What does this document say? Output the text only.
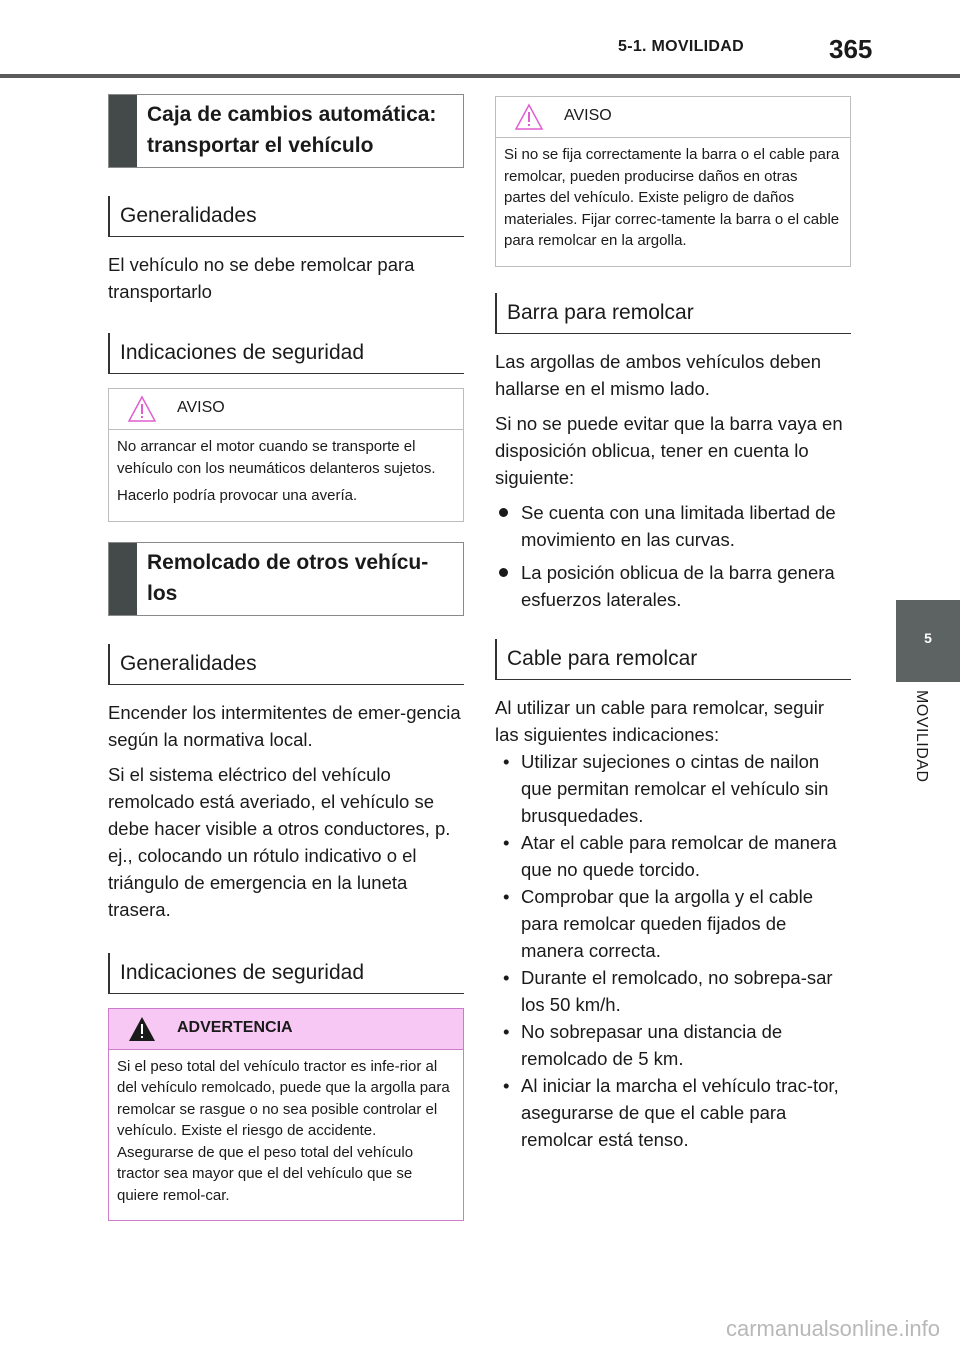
5-1. MOVILIDAD	365
5
MOVILIDAD
Caja de cambios automática: transportar el vehículo
Generalidades

El vehículo no se debe remolcar para transportarlo

Indicaciones de seguridad
AVISO

No arrancar el motor cuando se transporte el vehículo con los neumáticos delanteros sujetos.

Hacerlo podría provocar una avería.

Remolcado de otros vehícu-los
Generalidades

Encender los intermitentes de emer-gencia según la normativa local.

Si el sistema eléctrico del vehículo remolcado está averiado, el vehículo se debe hacer visible a otros conductores, p. ej., colocando un rótulo indicativo o el triángulo de emergencia en la luneta trasera.

Indicaciones de seguridad
ADVERTENCIA

Si el peso total del vehículo tractor es infe-rior al del vehículo remolcado, puede que la argolla para remolcar se rasgue o no sea posible controlar el vehículo. Existe el riesgo de accidente. Asegurarse de que el peso total del vehículo tractor sea mayor que el del vehículo que se quiere remol-car.

AVISO

Si no se fija correctamente la barra o el cable para remolcar, pueden producirse daños en otras partes del vehículo. Existe peligro de daños materiales. Fijar correc-tamente la barra o el cable para remolcar en la argolla.

Barra para remolcar

Las argollas de ambos vehículos deben hallarse en el mismo lado.

Si no se puede evitar que la barra vaya en disposición oblicua, tener en cuenta lo siguiente:

Se cuenta con una limitada libertad de movimiento en las curvas.
La posición oblicua de la barra genera esfuerzos laterales.
Cable para remolcar

Al utilizar un cable para remolcar, seguir las siguientes indicaciones:

• Utilizar sujeciones o cintas de nailon que permitan remolcar el vehículo sin brusquedades.
• Atar el cable para remolcar de manera que no quede torcido.
• Comprobar que la argolla y el cable para remolcar queden fijados de manera correcta.
• Durante el remolcado, no sobrepa-sar los 50 km/h.
• No sobrepasar una distancia de remolcado de 5 km.
• Al iniciar la marcha el vehículo trac-tor, asegurarse de que el cable para remolcar está tenso.
carmanualsonline.info
